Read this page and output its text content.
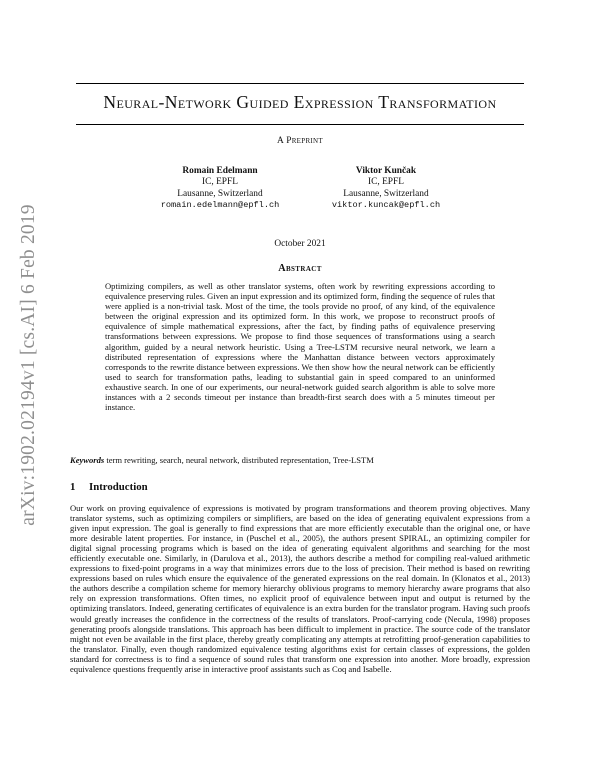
arXiv:1902.02194v1 [cs.AI] 6 Feb 2019
Neural-Network Guided Expression Transformation
A Preprint
Romain Edelmann
IC, EPFL
Lausanne, Switzerland
romain.edelmann@epfl.ch
Viktor Kunčak
IC, EPFL
Lausanne, Switzerland
viktor.kuncak@epfl.ch
October 2021
Abstract

Optimizing compilers, as well as other translator systems, often work by rewriting expressions according to equivalence preserving rules. Given an input expression and its optimized form, finding the sequence of rules that were applied is a non-trivial task. Most of the time, the tools provide no proof, of any kind, of the equivalence between the original expression and its optimized form. In this work, we propose to reconstruct proofs of equivalence of simple mathematical expressions, after the fact, by finding paths of equivalence preserving transformations between expressions. We propose to find those sequences of transformations using a search algorithm, guided by a neural network heuristic. Using a Tree-LSTM recursive neural network, we learn a distributed representation of expressions where the Manhattan distance between vectors approximately corresponds to the rewrite distance between expressions. We then show how the neural network can be efficiently used to search for transformation paths, leading to substantial gain in speed compared to an uninformed exhaustive search. In one of our experiments, our neural-network guided search algorithm is able to solve more instances with a 2 seconds timeout per instance than breadth-first search does with a 5 minutes timeout per instance.

Keywords term rewriting, search, neural network, distributed representation, Tree-LSTM
1 Introduction

Our work on proving equivalence of expressions is motivated by program transformations and theorem proving objectives. Many translator systems, such as optimizing compilers or simplifiers, are based on the idea of generating equivalent expressions from a given input expression. The goal is generally to find expressions that are more efficiently executable than the original one, or have more desirable latent properties. For instance, in (Puschel et al., 2005), the authors present SPIRAL, an optimizing compiler for digital signal processing programs which is based on the idea of generating equivalent algorithms and searching for the most efficiently executable one. Similarly, in (Darulova et al., 2013), the authors describe a method for compiling real-valued arithmetic expressions to fixed-point programs in a way that minimizes errors due to the loss of precision. Their method is based on rewriting expressions based on rules which ensure the equivalence of the generated expressions on the real domain. In (Klonatos et al., 2013) the authors describe a compilation scheme for memory hierarchy oblivious programs to memory hierarchy aware programs that also rely on expression transformations. Often times, no explicit proof of equivalence between input and output is returned by the optimizing translators. Indeed, generating certificates of equivalence is an extra burden for the translator program. Having such proofs would greatly increases the confidence in the correctness of the results of translators. Proof-carrying code (Necula, 1998) proposes generating proofs alongside translations. This approach has been difficult to implement in practice. The source code of the translator might not even be available in the first place, thereby greatly complicating any attempts at retrofitting proof-generation capabilities to the translator. Finally, even though randomized equivalence testing algorithms exist for certain classes of expressions, the golden standard for correctness is to find a sequence of sound rules that transform one expression into another. More broadly, expression equivalence questions frequently arise in interactive proof assistants such as Coq and Isabelle.
